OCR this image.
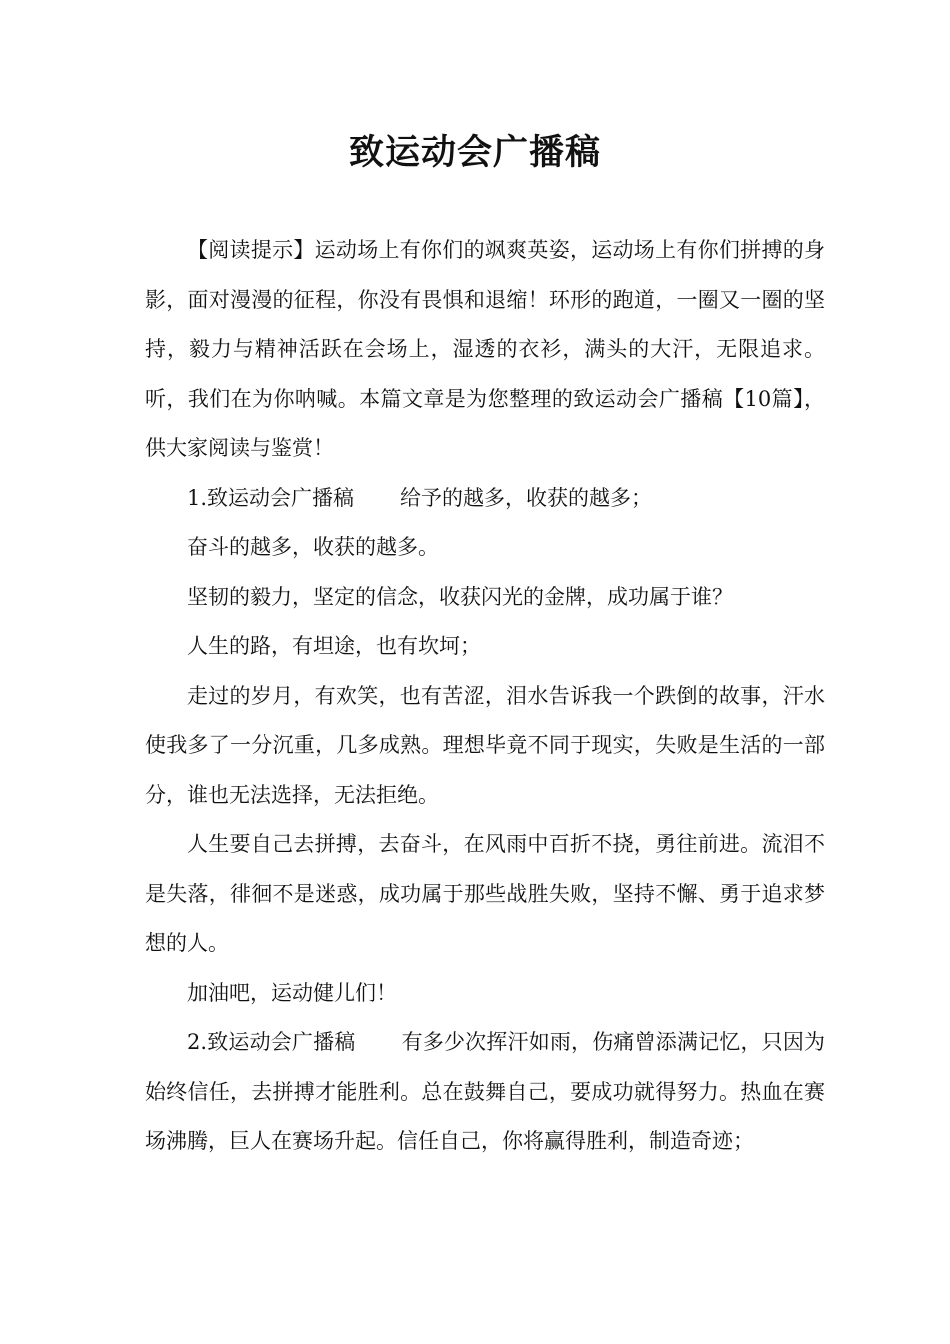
致运动会广播稿

【阅读提示】运动场上有你们的飒爽英姿，运动场上有你们拼搏的身影，面对漫漫的征程，你没有畏惧和退缩！环形的跑道，一圈又一圈的坚持，毅力与精神活跃在会场上，湿透的衣衫，满头的大汗，无限追求。听，我们在为你呐喊。本篇文章是为您整理的致运动会广播稿【10篇】，供大家阅读与鉴赏！

1.致运动会广播稿 给予的越多，收获的越多；

奋斗的越多，收获的越多。

坚韧的毅力，坚定的信念，收获闪光的金牌，成功属于谁？

人生的路，有坦途，也有坎坷；

走过的岁月，有欢笑，也有苦涩，泪水告诉我一个跌倒的故事，汗水使我多了一分沉重，几多成熟。理想毕竟不同于现实，失败是生活的一部分，谁也无法选择，无法拒绝。

人生要自己去拼搏，去奋斗，在风雨中百折不挠，勇往前进。流泪不是失落，徘徊不是迷惑，成功属于那些战胜失败，坚持不懈、勇于追求梦想的人。

加油吧，运动健儿们！

2.致运动会广播稿 有多少次挥汗如雨，伤痛曾添满记忆，只因为始终信任，去拼搏才能胜利。总在鼓舞自己，要成功就得努力。热血在赛场沸腾，巨人在赛场升起。信任自己，你将赢得胜利，制造奇迹；
